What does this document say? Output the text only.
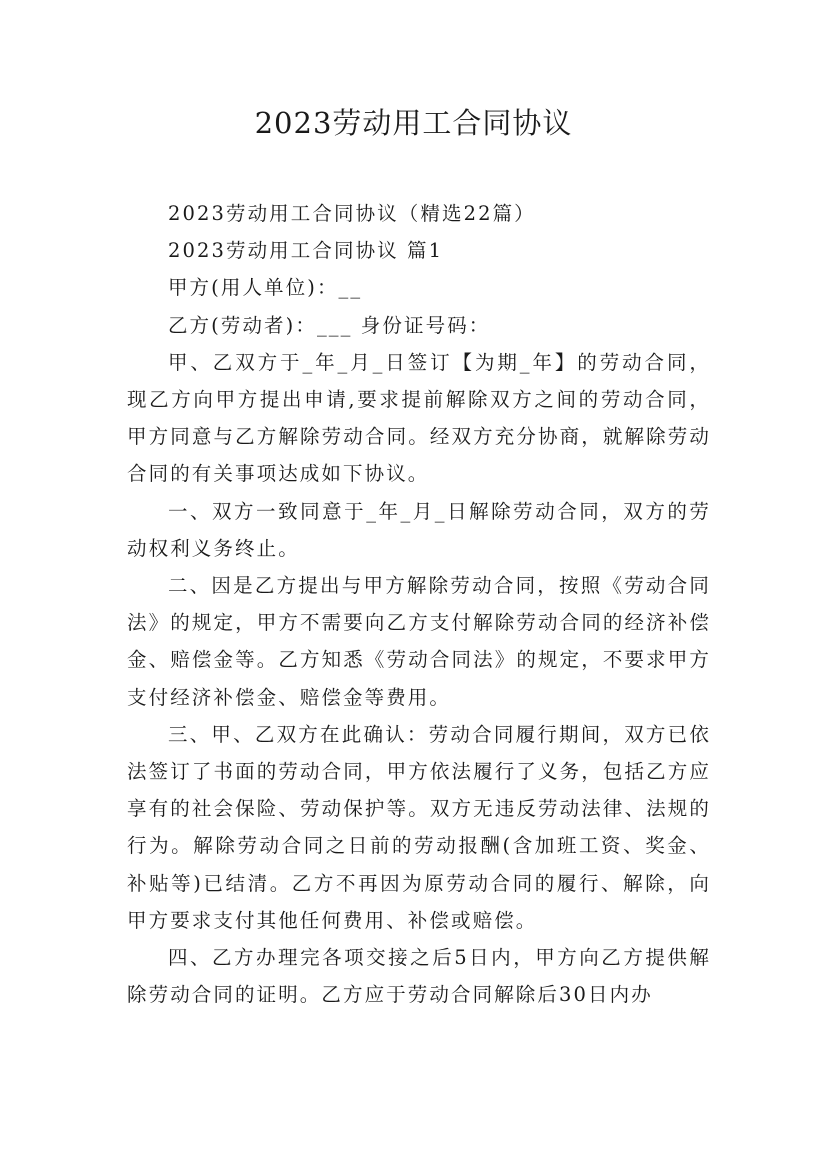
2023劳动用工合同协议

2023劳动用工合同协议（精选22篇）

2023劳动用工合同协议 篇1

甲方(用人单位)：__

乙方(劳动者)：___ 身份证号码：

甲、乙双方于_年_月_日签订【为期_年】的劳动合同，现乙方向甲方提出申请,要求提前解除双方之间的劳动合同，甲方同意与乙方解除劳动合同。经双方充分协商，就解除劳动合同的有关事项达成如下协议。

一、双方一致同意于_年_月_日解除劳动合同，双方的劳动权利义务终止。

二、因是乙方提出与甲方解除劳动合同，按照《劳动合同法》的规定，甲方不需要向乙方支付解除劳动合同的经济补偿金、赔偿金等。乙方知悉《劳动合同法》的规定，不要求甲方支付经济补偿金、赔偿金等费用。

三、甲、乙双方在此确认：劳动合同履行期间，双方已依法签订了书面的劳动合同，甲方依法履行了义务，包括乙方应享有的社会保险、劳动保护等。双方无违反劳动法律、法规的行为。解除劳动合同之日前的劳动报酬(含加班工资、奖金、补贴等)已结清。乙方不再因为原劳动合同的履行、解除，向甲方要求支付其他任何费用、补偿或赔偿。

四、乙方办理完各项交接之后5日内，甲方向乙方提供解除劳动合同的证明。乙方应于劳动合同解除后30日内办
